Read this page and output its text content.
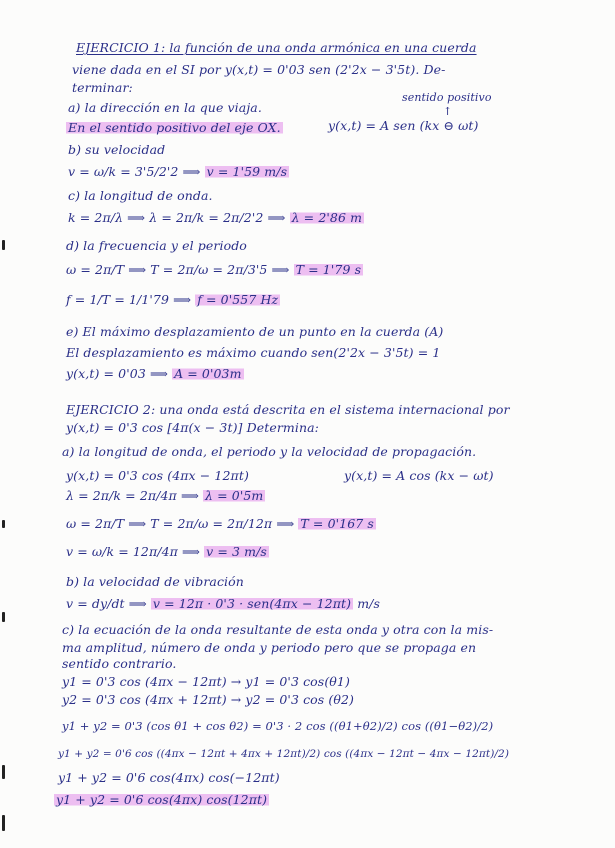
EJERCICIO 1: la función de una onda armónica en una cuerda
viene dada en el SI por y(x,t) = 0'03 sen (2'2x − 3'5t). De-
terminar:
sentido positivo
↑
a) la dirección en la que viaja.
En el sentido positivo del eje OX.	y(x,t) = A sen (kx ⊖ ωt)
b) su velocidad
v = ω/k = 3'5/2'2 ⟹ v = 1'59 m/s
c) la longitud de onda.
k = 2π/λ ⟹ λ = 2π/k = 2π/2'2 ⟹ λ = 2'86 m
d) la frecuencia y el periodo
ω = 2π/T ⟹ T = 2π/ω = 2π/3'5 ⟹ T = 1'79 s
f = 1/T = 1/1'79 ⟹ f = 0'557 Hz
e) El máximo desplazamiento de un punto en la cuerda (A)
El desplazamiento es máximo cuando sen(2'2x − 3'5t) = 1
y(x,t) = 0'03 ⟹ A = 0'03m
EJERCICIO 2: una onda está descrita en el sistema internacional por
y(x,t) = 0'3 cos [4π(x − 3t)] Determina:
a) la longitud de onda, el periodo y la velocidad de propagación.
y(x,t) = 0'3 cos (4πx − 12πt)	y(x,t) = A cos (kx − ωt)
λ = 2π/k = 2π/4π ⟹ λ = 0'5m
ω = 2π/T ⟹ T = 2π/ω = 2π/12π ⟹ T = 0'167 s
v = ω/k = 12π/4π ⟹ v = 3 m/s
b) la velocidad de vibración
v = dy/dt ⟹ v = 12π · 0'3 · sen(4πx − 12πt) m/s
c) la ecuación de la onda resultante de esta onda y otra con la mis-
ma amplitud, número de onda y periodo pero que se propaga en
sentido contrario.
y1 = 0'3 cos (4πx − 12πt) → y1 = 0'3 cos(θ1)
y2 = 0'3 cos (4πx + 12πt) → y2 = 0'3 cos (θ2)
y1 + y2 = 0'3 (cos θ1 + cos θ2) = 0'3 · 2 cos ((θ1+θ2)/2) cos ((θ1−θ2)/2)
y1 + y2 = 0'6 cos ((4πx − 12πt + 4πx + 12πt)/2) cos ((4πx − 12πt − 4πx − 12πt)/2)
y1 + y2 = 0'6 cos(4πx) cos(−12πt)
y1 + y2 = 0'6 cos(4πx) cos(12πt)
